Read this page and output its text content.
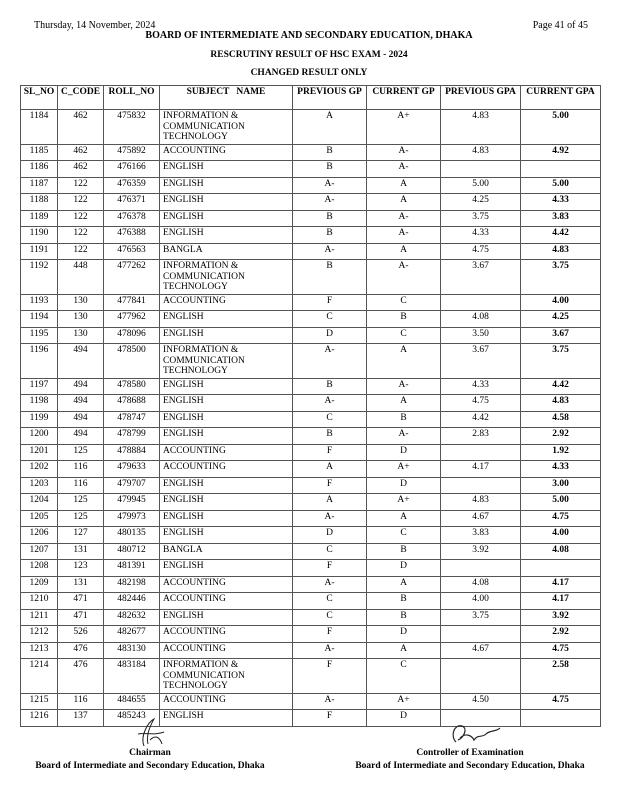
Thursday, 14 November, 2024	Page 41 of 45
BOARD OF INTERMEDIATE AND SECONDARY EDUCATION, DHAKA
RESCRUTINY RESULT OF HSC EXAM - 2024
CHANGED RESULT ONLY
SL_NO	C_CODE	ROLL_NO	SUBJECT   NAME	PREVIOUS GP	CURRENT GP	PREVIOUS GPA	CURRENT GPA
1184	462	475832	INFORMATION & COMMUNICATION TECHNOLOGY	A	A+	4.83	5.00
1185	462	475892	ACCOUNTING	B	A-	4.83	4.92
1186	462	476166	ENGLISH	B	A-		
1187	122	476359	ENGLISH	A-	A	5.00	5.00
1188	122	476371	ENGLISH	A-	A	4.25	4.33
1189	122	476378	ENGLISH	B	A-	3.75	3.83
1190	122	476388	ENGLISH	B	A-	4.33	4.42
1191	122	476563	BANGLA	A-	A	4.75	4.83
1192	448	477262	INFORMATION & COMMUNICATION TECHNOLOGY	B	A-	3.67	3.75
1193	130	477841	ACCOUNTING	F	C		4.00
1194	130	477962	ENGLISH	C	B	4.08	4.25
1195	130	478096	ENGLISH	D	C	3.50	3.67
1196	494	478500	INFORMATION & COMMUNICATION TECHNOLOGY	A-	A	3.67	3.75
1197	494	478580	ENGLISH	B	A-	4.33	4.42
1198	494	478688	ENGLISH	A-	A	4.75	4.83
1199	494	478747	ENGLISH	C	B	4.42	4.58
1200	494	478799	ENGLISH	B	A-	2.83	2.92
1201	125	478884	ACCOUNTING	F	D		1.92
1202	116	479633	ACCOUNTING	A	A+	4.17	4.33
1203	116	479707	ENGLISH	F	D		3.00
1204	125	479945	ENGLISH	A	A+	4.83	5.00
1205	125	479973	ENGLISH	A-	A	4.67	4.75
1206	127	480135	ENGLISH	D	C	3.83	4.00
1207	131	480712	BANGLA	C	B	3.92	4.08
1208	123	481391	ENGLISH	F	D		
1209	131	482198	ACCOUNTING	A-	A	4.08	4.17
1210	471	482446	ACCOUNTING	C	B	4.00	4.17
1211	471	482632	ENGLISH	C	B	3.75	3.92
1212	526	482677	ACCOUNTING	F	D		2.92
1213	476	483130	ACCOUNTING	A-	A	4.67	4.75
1214	476	483184	INFORMATION & COMMUNICATION TECHNOLOGY	F	C		2.58
1215	116	484655	ACCOUNTING	A-	A+	4.50	4.75
1216	137	485243	ENGLISH	F	D		
Chairman
Board of Intermediate and Secondary Education, Dhaka
Controller of Examination
Board of Intermediate and Secondary Education, Dhaka
